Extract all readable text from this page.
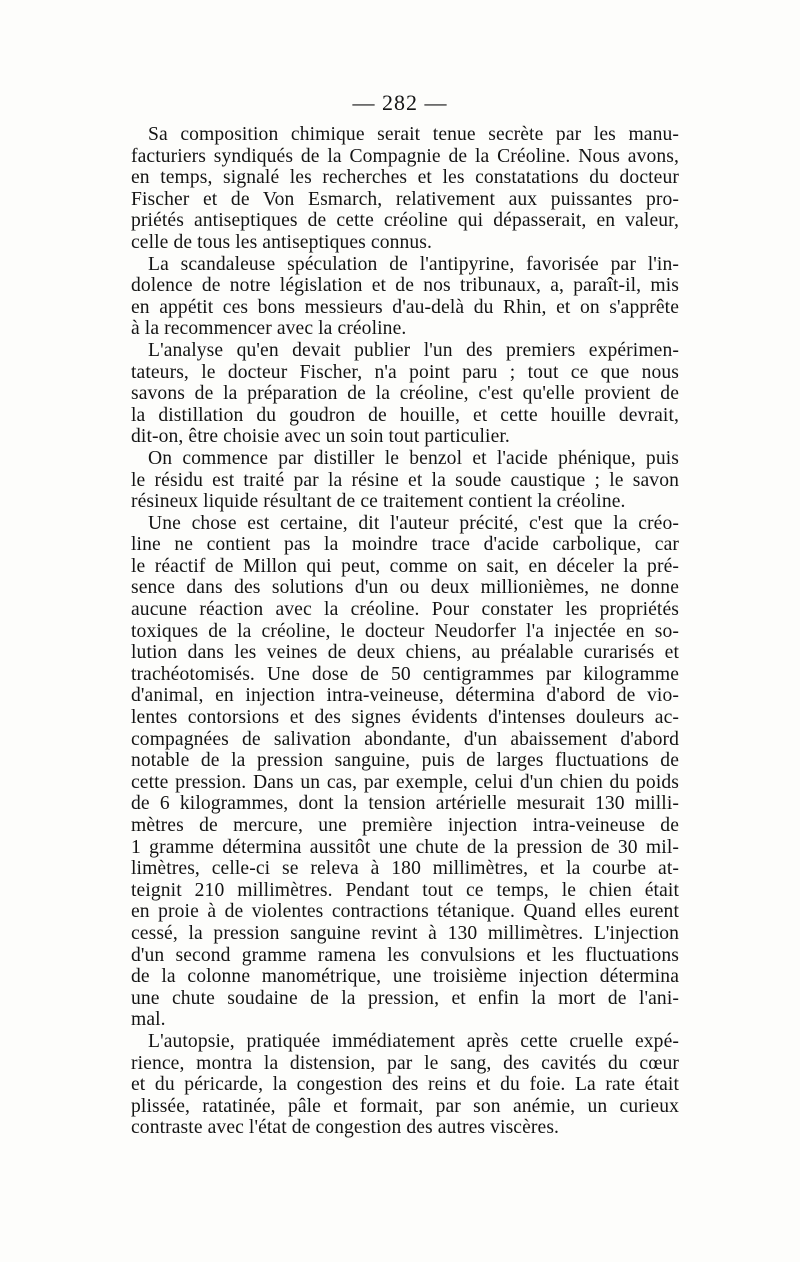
— 282 —
Sa composition chimique serait tenue secrète par les manu-
facturiers syndiqués de la Compagnie de la Créoline. Nous avons,
en temps, signalé les recherches et les constatations du docteur
Fischer et de Von Esmarch, relativement aux puissantes pro-
priétés antiseptiques de cette créoline qui dépasserait, en valeur,
celle de tous les antiseptiques connus.
La scandaleuse spéculation de l'antipyrine, favorisée par l'in-
dolence de notre législation et de nos tribunaux, a, paraît-il, mis
en appétit ces bons messieurs d'au-delà du Rhin, et on s'apprête
à la recommencer avec la créoline.
L'analyse qu'en devait publier l'un des premiers expérimen-
tateurs, le docteur Fischer, n'a point paru ; tout ce que nous
savons de la préparation de la créoline, c'est qu'elle provient de
la distillation du goudron de houille, et cette houille devrait,
dit-on, être choisie avec un soin tout particulier.
On commence par distiller le benzol et l'acide phénique, puis
le résidu est traité par la résine et la soude caustique ; le savon
résineux liquide résultant de ce traitement contient la créoline.
Une chose est certaine, dit l'auteur précité, c'est que la créo-
line ne contient pas la moindre trace d'acide carbolique, car
le réactif de Millon qui peut, comme on sait, en déceler la pré-
sence dans des solutions d'un ou deux millionièmes, ne donne
aucune réaction avec la créoline. Pour constater les propriétés
toxiques de la créoline, le docteur Neudorfer l'a injectée en so-
lution dans les veines de deux chiens, au préalable curarisés et
trachéotomisés. Une dose de 50 centigrammes par kilogramme
d'animal, en injection intra-veineuse, détermina d'abord de vio-
lentes contorsions et des signes évidents d'intenses douleurs ac-
compagnées de salivation abondante, d'un abaissement d'abord
notable de la pression sanguine, puis de larges fluctuations de
cette pression. Dans un cas, par exemple, celui d'un chien du poids
de 6 kilogrammes, dont la tension artérielle mesurait 130 milli-
mètres de mercure, une première injection intra-veineuse de
1 gramme détermina aussitôt une chute de la pression de 30 mil-
limètres, celle-ci se releva à 180 millimètres, et la courbe at-
teignit 210 millimètres. Pendant tout ce temps, le chien était
en proie à de violentes contractions tétanique. Quand elles eurent
cessé, la pression sanguine revint à 130 millimètres. L'injection
d'un second gramme ramena les convulsions et les fluctuations
de la colonne manométrique, une troisième injection détermina
une chute soudaine de la pression, et enfin la mort de l'ani-
mal.
L'autopsie, pratiquée immédiatement après cette cruelle expé-
rience, montra la distension, par le sang, des cavités du cœur
et du péricarde, la congestion des reins et du foie. La rate était
plissée, ratatinée, pâle et formait, par son anémie, un curieux
contraste avec l'état de congestion des autres viscères.
